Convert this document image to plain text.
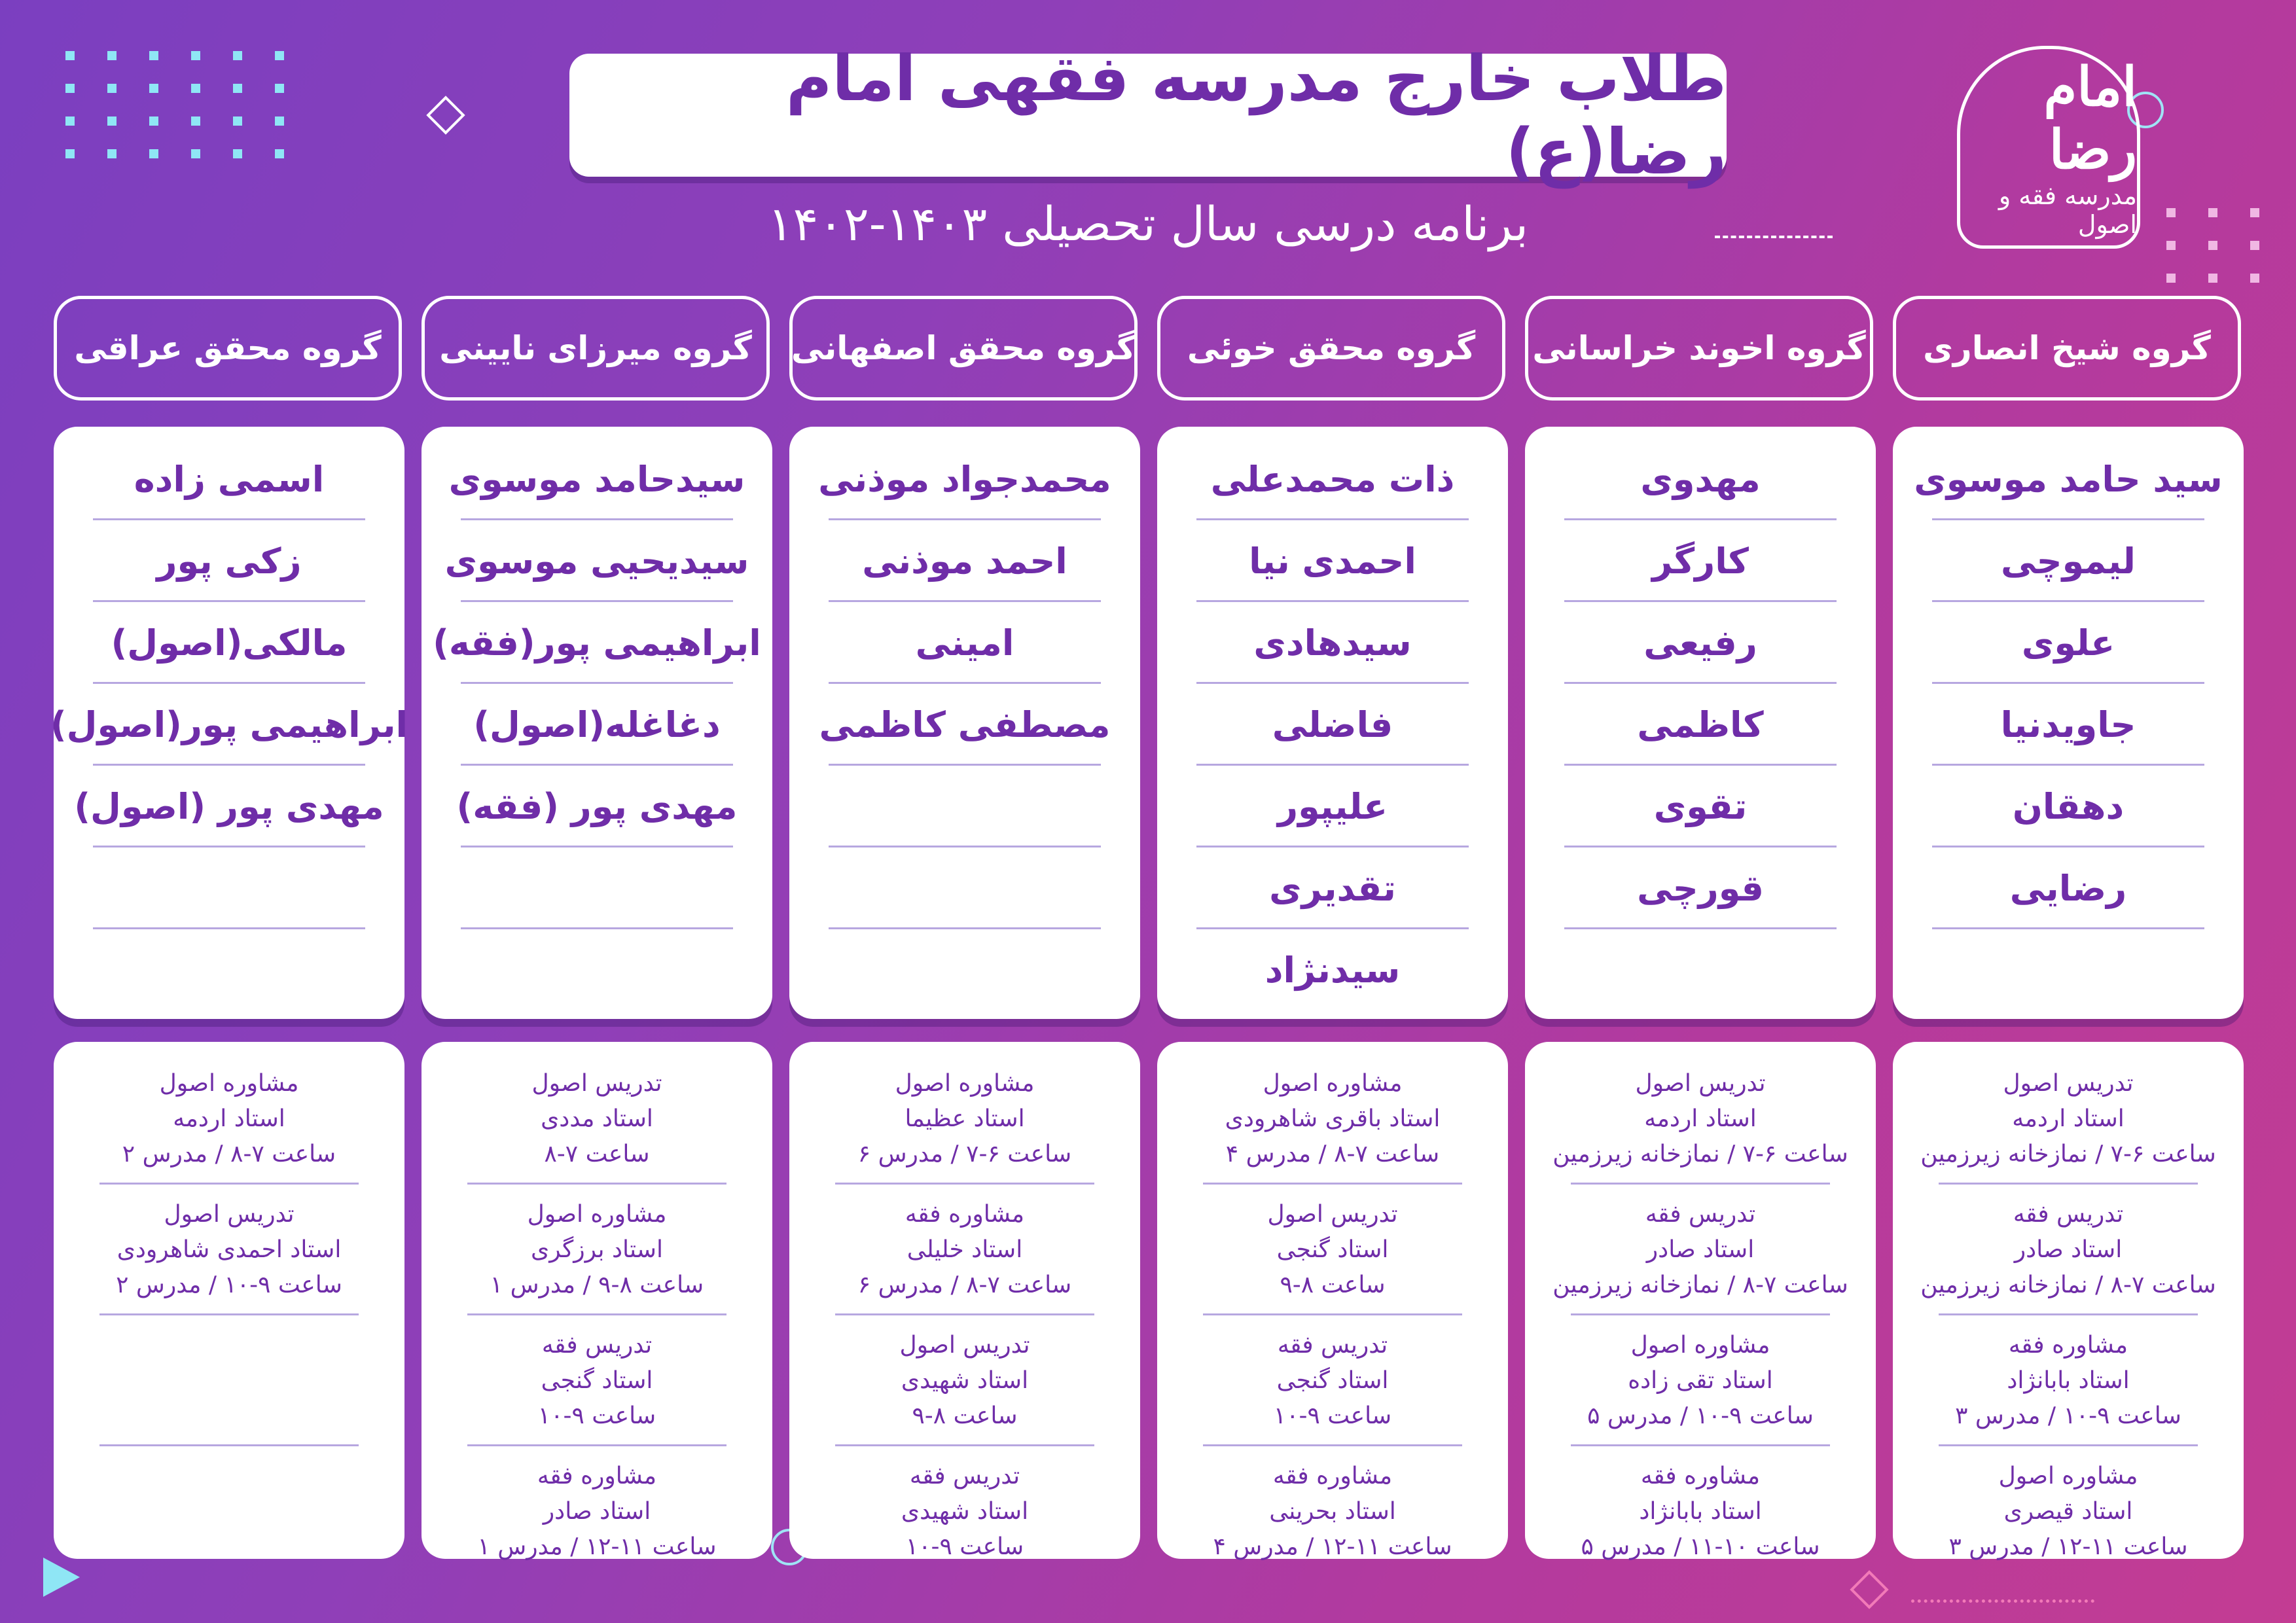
طلاب خارج مدرسه فقهی امام رضا(ع)
برنامه درسی سال تحصیلی ۱۴۰۳-۱۴۰۲
امام رضا
مدرسه فقه و اصول
گروه شیخ انصاری
سید حامد موسوی
لیموچی
علوی
جاویدنیا
دهقان
رضایی
تدریس اصول
استاد اردمه
ساعت ۶-۷ / نمازخانه زیرزمین
تدریس فقه
استاد صادر
ساعت ۷-۸ / نمازخانه زیرزمین
مشاوره فقه
استاد بابانژاد
ساعت ۹-۱۰ / مدرس ۳
مشاوره اصول
استاد قیصری
ساعت ۱۱-۱۲ / مدرس ۳
گروه اخوند خراسانی
مهدوی
کارگر
رفیعی
کاظمی
تقوی
قورچی
تدریس اصول
استاد اردمه
ساعت ۶-۷ / نمازخانه زیرزمین
تدریس فقه
استاد صادر
ساعت ۷-۸ / نمازخانه زیرزمین
مشاوره اصول
استاد تقی زاده
ساعت ۹-۱۰ / مدرس ۵
مشاوره فقه
استاد بابانژاد
ساعت ۱۰-۱۱ / مدرس ۵
گروه محقق خوئی
ذات محمدعلی
احمدی نیا
سیدهادی
فاضلی
علیپور
تقدیری
سیدنژاد
مشاوره اصول
استاد باقری شاهرودی
ساعت ۷-۸ / مدرس ۴
تدریس اصول
استاد گنجی
ساعت ۸-۹
تدریس فقه
استاد گنجی
ساعت ۹-۱۰
مشاوره فقه
استاد بحرینی
ساعت ۱۱-۱۲ / مدرس ۴
گروه محقق اصفهانی
محمدجواد موذنی
احمد موذنی
امینی
مصطفی کاظمی
مشاوره اصول
استاد عظیما
ساعت ۶-۷ / مدرس ۶
مشاوره فقه
استاد خلیلی
ساعت ۷-۸ / مدرس ۶
تدریس اصول
استاد شهیدی
ساعت ۸-۹
تدریس فقه
استاد شهیدی
ساعت ۹-۱۰
گروه میرزای نایینی
سیدحامد موسوی
سیدیحیی موسوی
ابراهیمی پور(فقه)
دغاغله(اصول)
مهدی پور (فقه)
تدریس اصول
استاد مددی
ساعت ۷-۸
مشاوره اصول
استاد برزگری
ساعت ۸-۹ / مدرس ۱
تدریس فقه
استاد گنجی
ساعت ۹-۱۰
مشاوره فقه
استاد صادر
ساعت ۱۱-۱۲ / مدرس ۱
گروه محقق عراقی
اسمی زاده
زکی پور
مالکی(اصول)
ابراهیمی پور(اصول)
مهدی پور (اصول)
مشاوره اصول
استاد اردمه
ساعت ۷-۸ / مدرس ۲
تدریس اصول
استاد احمدی شاهرودی
ساعت ۹-۱۰ / مدرس ۲
